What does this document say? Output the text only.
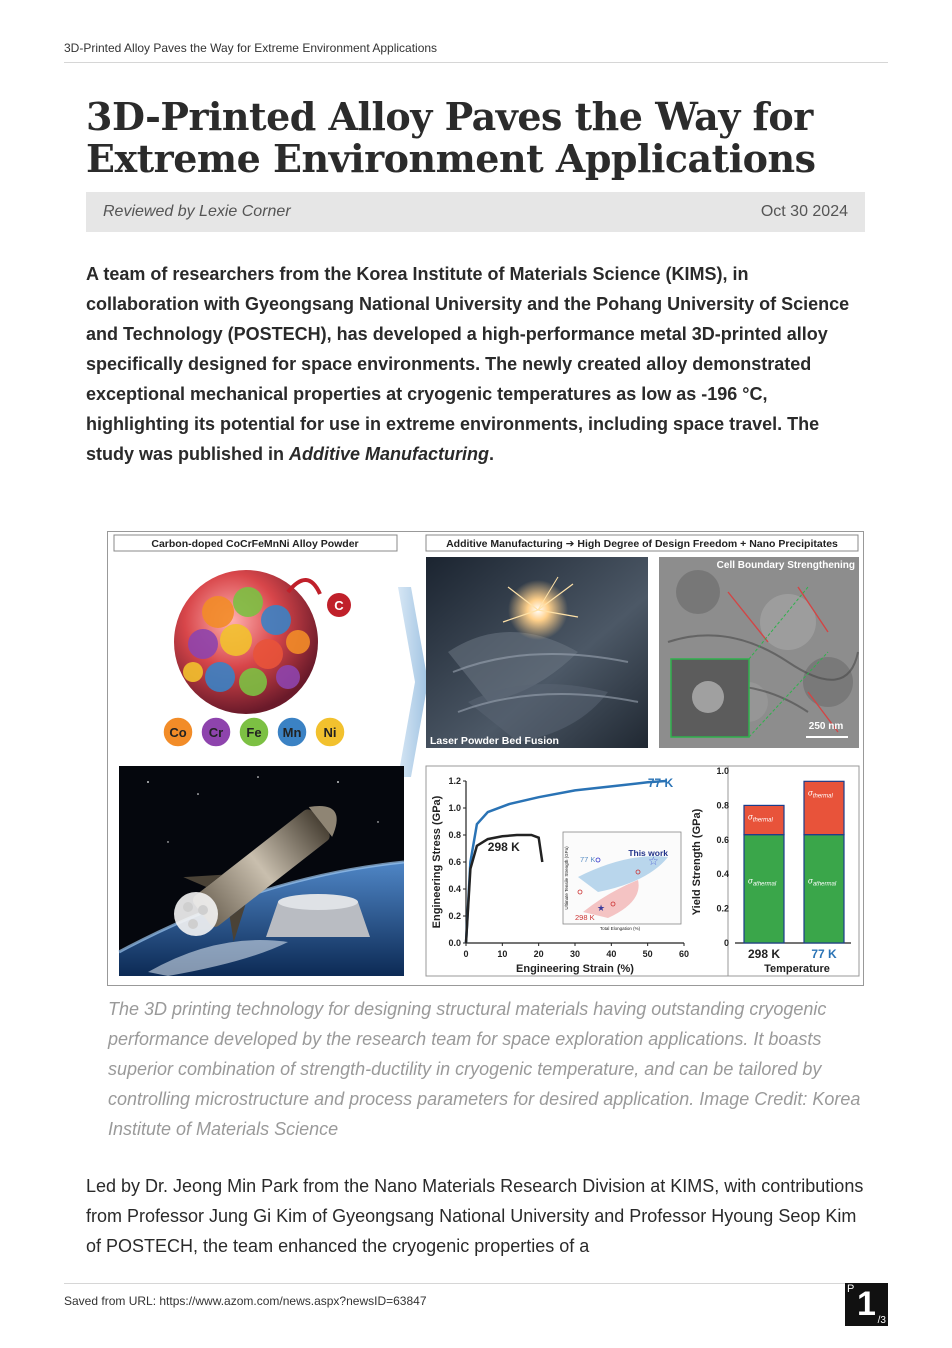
3D-Printed Alloy Paves the Way for Extreme Environment Applications
3D-Printed Alloy Paves the Way for
Extreme Environment Applications
Reviewed by Lexie Corner	Oct 30 2024

A team of researchers from the Korea Institute of Materials Science (KIMS), in collaboration with Gyeongsang National University and the Pohang University of Science and Technology (POSTECH), has developed a high-performance metal 3D-printed alloy specifically designed for space environments. The newly created alloy demonstrated exceptional mechanical properties at cryogenic temperatures as low as -196 °C, highlighting its potential for use in extreme environments, including space travel. The study was published in Additive Manufacturing.

Carbon-doped CoCrFeMnNi Alloy Powder
C
Co Cr Fe Mn Ni
Additive Manufacturing ➔ High Degree of Design Freedom + Nano Precipitates
Laser Powder Bed Fusion
Cell Boundary Strengthening
250 nm
0	10	20	30	40	50	60
0.0
0.2
0.4
0.6
0.8
1.0
1.2	77 K
298 K
Engineering Strain (%)
Engineering Stress (GPa)	☆
★
This work
77 K
298 K
Total Elongation (%)
Ultimate Tensile Strength (GPa)
0
0.2
0.4
0.6
0.8
1.0
$\sigma_{athermal}$
$\sigma_{thermal}$
298 K
$\sigma_{athermal}$
$\sigma_{thermal}$
77 K
Temperature
Yield Strength (GPa)

The 3D printing technology for designing structural materials having outstanding cryogenic performance developed by the research team for space exploration applications. It boasts superior combination of strength-ductility in cryogenic temperature, and can be tailored by controlling microstructure and process parameters for desired application. Image Credit: Korea Institute of Materials Science

Led by Dr. Jeong Min Park from the Nano Materials Research Division at KIMS, with contributions from Professor Jung Gi Kim of Gyeongsang National University and Professor Hyoung Seop Kim of POSTECH, the team enhanced the cryogenic properties of a

Saved from URL: https://www.azom.com/news.aspx?newsID=63847
P 1 /3
